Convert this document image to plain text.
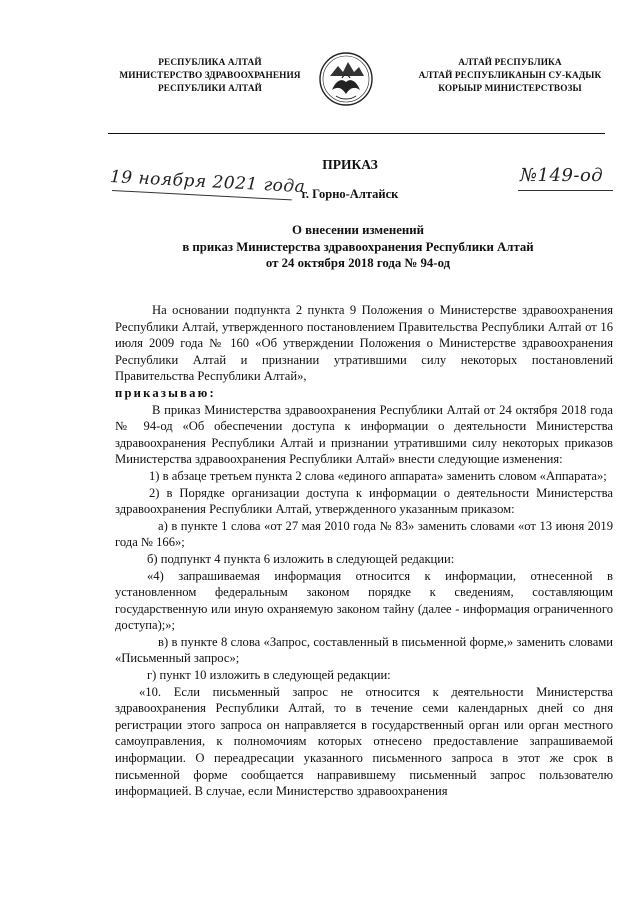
РЕСПУБЛИКА АЛТАЙ
МИНИСТЕРСТВО ЗДРАВООХРАНЕНИЯ
РЕСПУБЛИКИ АЛТАЙ
АЛТАЙ РЕСПУБЛИКА
АЛТАЙ РЕСПУБЛИКАНЫН СУ-КАДЫК
КОРЫЫР МИНИСТЕРСТВОЗЫ
ПРИКАЗ
19 ноября 2021 года	№149-од
г. Горно-Алтайск
О внесении изменений
в приказ Министерства здравоохранения Республики Алтай
от 24 октября 2018 года № 94-од

На основании подпункта 2 пункта 9 Положения о Министерстве здравоохранения Республики Алтай, утвержденного постановлением Правительства Республики Алтай от 16 июля 2009 года № 160 «Об утверждении Положения о Министерстве здравоохранения Республики Алтай и признании утратившими силу некоторых постановлений Правительства Республики Алтай»,

приказываю:

В приказ Министерства здравоохранения Республики Алтай от 24 октября 2018 года № 94-од «Об обеспечении доступа к информации о деятельности Министерства здравоохранения Республики Алтай и признании утратившими силу некоторых приказов Министерства здравоохранения Республики Алтай» внести следующие изменения:

1) в абзаце третьем пункта 2 слова «единого аппарата» заменить словом «Аппарата»;

2) в Порядке организации доступа к информации о деятельности Министерства здравоохранения Республики Алтай, утвержденного указанным приказом:

а) в пункте 1 слова «от 27 мая 2010 года № 83» заменить словами «от 13 июня 2019 года № 166»;

б) подпункт 4 пункта 6 изложить в следующей редакции:

«4) запрашиваемая информация относится к информации, отнесенной в установленном федеральным законом порядке к сведениям, составляющим государственную или иную охраняемую законом тайну (далее - информация ограниченного доступа);»;

в) в пункте 8 слова «Запрос, составленный в письменной форме,» заменить словами «Письменный запрос»;

г) пункт 10 изложить в следующей редакции:

«10. Если письменный запрос не относится к деятельности Министерства здравоохранения Республики Алтай, то в течение семи календарных дней со дня регистрации этого запроса он направляется в государственный орган или орган местного самоуправления, к полномочиям которых отнесено предоставление запрашиваемой информации. О переадресации указанного письменного запроса в этот же срок в письменной форме сообщается направившему письменный запрос пользователю информацией. В случае, если Министерство здравоохранения
